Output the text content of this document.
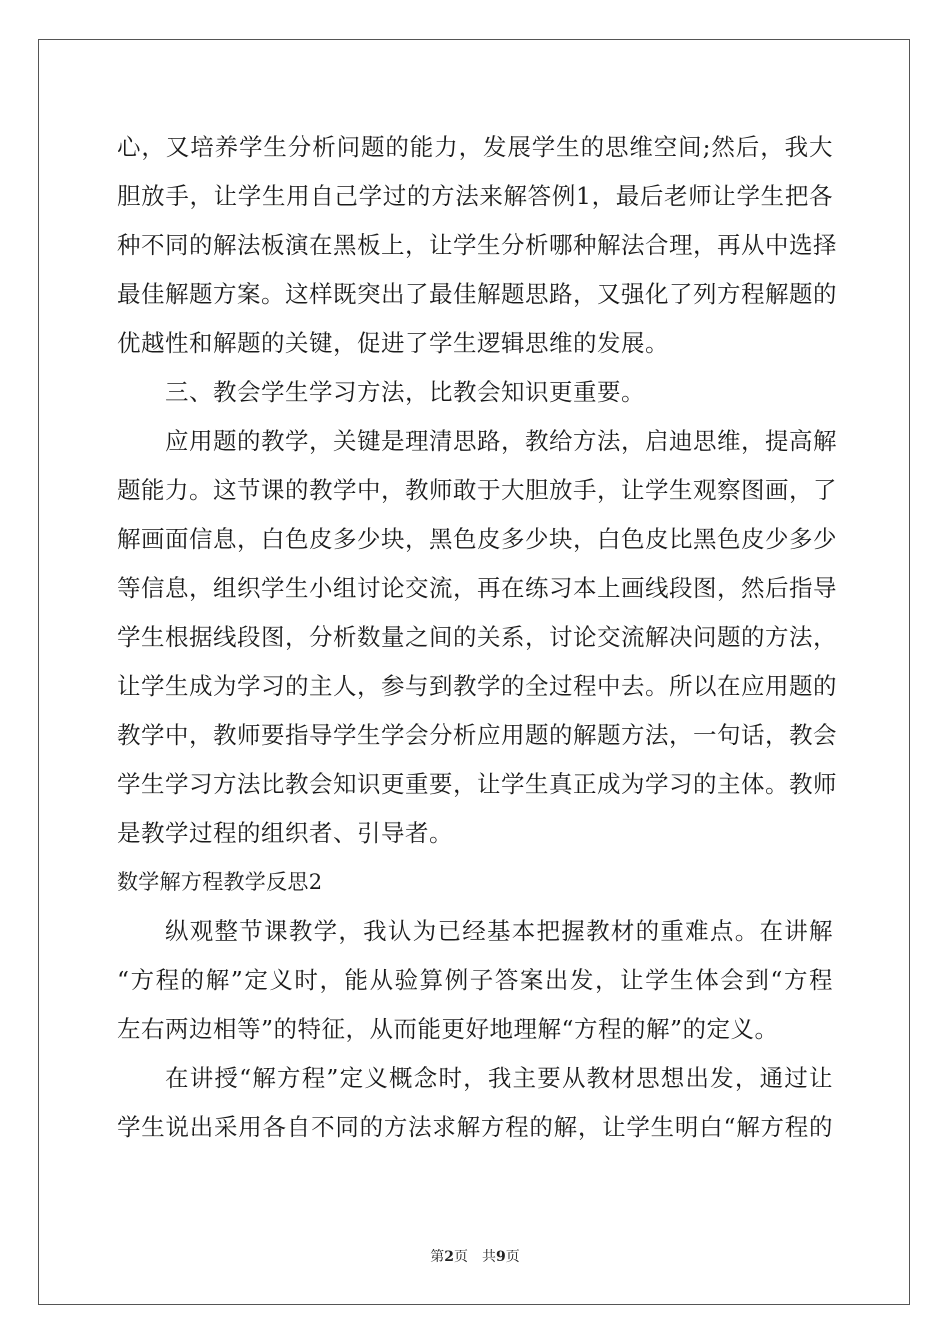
心，又培养学生分析问题的能力，发展学生的思维空间;然后，我大
胆放手，让学生用自己学过的方法来解答例1，最后老师让学生把各
种不同的解法板演在黑板上，让学生分析哪种解法合理，再从中选择
最佳解题方案。这样既突出了最佳解题思路，又强化了列方程解题的
优越性和解题的关键，促进了学生逻辑思维的发展。
三、教会学生学习方法，比教会知识更重要。
应用题的教学，关键是理清思路，教给方法，启迪思维，提高解
题能力。这节课的教学中，教师敢于大胆放手，让学生观察图画，了
解画面信息，白色皮多少块，黑色皮多少块，白色皮比黑色皮少多少
等信息，组织学生小组讨论交流，再在练习本上画线段图，然后指导
学生根据线段图，分析数量之间的关系，讨论交流解决问题的方法，
让学生成为学习的主人，参与到教学的全过程中去。所以在应用题的
教学中，教师要指导学生学会分析应用题的解题方法，一句话，教会
学生学习方法比教会知识更重要，让学生真正成为学习的主体。教师
是教学过程的组织者、引导者。
数学解方程教学反思2
纵观整节课教学，我认为已经基本把握教材的重难点。在讲解
“方程的解”定义时，能从验算例子答案出发，让学生体会到“方程
左右两边相等”的特征，从而能更好地理解“方程的解”的定义。
在讲授“解方程”定义概念时，我主要从教材思想出发，通过让
学生说出采用各自不同的方法求解方程的解，让学生明白“解方程的
第2页 共9页
